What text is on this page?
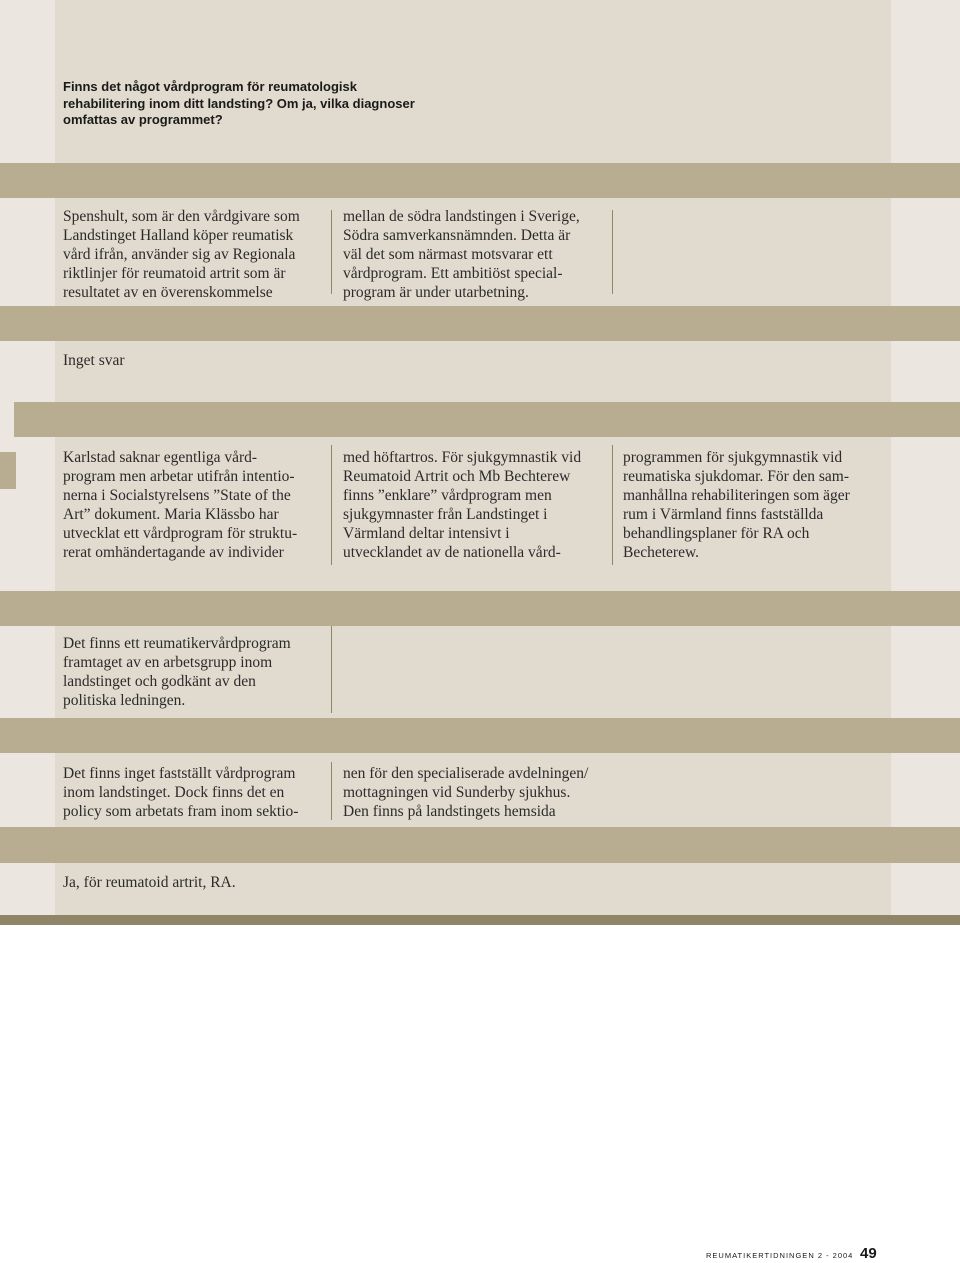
Finns det något vårdprogram för reumatologisk
rehabilitering inom ditt landsting? Om ja, vilka diagnoser
omfattas av programmet?

Spenshult, som är den vårdgivare som
Landstinget Halland köper reumatisk
vård ifrån, använder sig av Regionala
riktlinjer för reumatoid artrit som är
resultatet av en överenskommelse

mellan de södra landstingen i Sverige,
Södra samverkansnämnden. Detta är
väl det som närmast motsvarar ett
vårdprogram. Ett ambitiöst special-
program är under utarbetning.

Inget svar

Karlstad saknar egentliga vård-
program men arbetar utifrån intentio-
nerna i Socialstyrelsens ”State of the
Art” dokument. Maria Klässbo har
utvecklat ett vårdprogram för struktu-
rerat omhändertagande av individer

med höftartros. För sjukgymnastik vid
Reumatoid Artrit och Mb Bechterew
finns ”enklare” vårdprogram men
sjukgymnaster från Landstinget i
Värmland deltar intensivt i
utvecklandet av de nationella vård-

programmen för sjukgymnastik vid
reumatiska sjukdomar. För den sam-
manhållna rehabiliteringen som äger
rum i Värmland finns fastställda
behandlingsplaner för RA och
Becheterew.

Det finns ett reumatikervårdprogram
framtaget av en arbetsgrupp inom
landstinget och godkänt av den
politiska ledningen.

Det finns inget fastställt vårdprogram
inom landstinget. Dock finns det en
policy som arbetats fram inom sektio-

nen för den specialiserade avdelningen/
mottagningen vid Sunderby sjukhus.
Den finns på landstingets hemsida

Ja, för reumatoid artrit, RA.

REUMATIKERTIDNINGEN 2 - 2004 49
